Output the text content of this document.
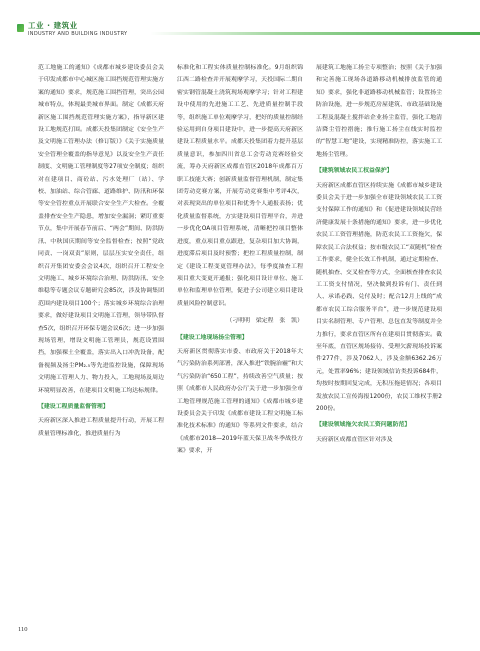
工业 · 建筑业
INDUSTRY AND BUILDING INDUSTRY

范工地施工的通知》《成都市城乡建设委员会关于印发成都市中心城区施工围挡规范管理实施方案的通知》要求，规范施工围挡管理，突出公园城市特点，体现最美城市界面。制定《成都天府新区施工围挡规范管理实施方案》，指导新区建设工地规范打围。成都天投集团制定《安全生产及文明施工管理办法（修订版）》《关于实施质量安全管理全覆盖的指导意见》以及安全生产责任制度、文明施工管理制度等27项安全制度；组织对在建项目、商砼站、污水处理厂（站）、学校、加油站、综合管廊、道路维护、防汛和环保等安全管控重点开展联合安全生产大检查。全覆盖排查安全生产隐患，增加安全漏洞；紧盯重要节点，集中开展春节前后、“两会”期间、防洪防汛、中秋国庆期间等安全监督检查；按照“党政同责、一岗双责”原则，层层压实安全责任，组织召开集团安委会会议4次，组织召开工程安全文明施工、城乡环境综合治理、防洪防汛、安全维稳等专题会议专题研究会85次，涉及协调集团范围内建设项目100个；落实城乡环境综合治理要求，做好建设项目文明施工管理，领导带队督查5次，组织召开环保专题会议6次；进一步加强现场管理，增设文明施工管理员，规范设置围挡，加强裸土全覆盖，落实出入口冲洗设备，配备视频及扬尘PM₂.₅等先进监控设施，保障现场文明施工管理人力、物力投入，工地现场及周边环境明显改善，在建项目文明施工均达标规律。

【建设工程质量监督管理】

天府新区深入推进工程质量提升行动，开展工程质量管理标准化，推进质量行为

标准化和工程实体质量控制标准化。9月组织锦江西二路检查并开展观摩学习，天投国际二期自密实钢管混凝土浇筑现场观摩学习；针对工程建设中使用的先进施工工艺、先进质量控制手段等，组织施工单位观摩学习，把好的质量控制经验运用到自身项目建设中，进一步提高天府新区建设工程质量水平。成都天投集团着力提升基层质量意识，参加四川省总工会劳动竞赛经验交流，筹办天府新区成都直管区2018年成都百万职工技能大赛；创新质量监督管理机制，制定集团劳动竞赛方案，开展劳动竞赛集中考评4次，对表现突出的单位项目和优秀个人通报表扬；优化质量监督系统，方实建设项目管理平台，并进一步优化OA项目管理系统，清晰把控项目整体进度，重点项目重点跟进，复杂项目加大协调，进度滞后项目及时预警；把控工程质量控制，制定《建设工程变更管理办法》，每季度抽查工程项目重大变更开通报；强化项目设计单位、施工单位和监理单位管理，促进子公司建立项目建设质量风险控制意识。

（刁明明　梁定程　张　凯）

【建设工地现场扬尘管理】

天府新区贯彻落实市委、市政府关于2018年大气污染防治系列部署，深入推进“铁腕治霾”和大气污染防治“650工程”，持续改善空气质量；按照《成都市人民政府办公厅关于进一步加强全市工地管理规范施工管理的通知》《成都市城乡建设委员会关于印发《成都市建设工程文明施工标准化技术标准》的通知》等系列文件要求，结合《成都市2018—2019年蓝天保卫战冬季战役方案》要求，开

展建筑工地施工扬尘专项整治；按照《关于加强和完善施工现场各道路移动机械排放监管的通知》要求，强化非道路移动机械监管；设置扬尘防治设施，进一步规范房屋建筑、市政基础设施工程及混凝土搅拌站企业扬尘监管，强化工地清洁降尘管控措施；推行施工扬尘在线实时监控的“智慧工地”建设，实现精准防控，落实施工工地扬尘管理。

【建筑领域农民工权益保护】

天府新区成都直管区持续实施《成都市城乡建设委员会关于进一步加强全市建设领域农民工工资支付保障工作的通知》和《促进建设领域民营经济健康发展十条措施的通知》要求，进一步优化农民工工资管理措施，防范农民工工资拖欠，保障农民工合法权益；按市级农民工“双随机”检查工作要求，健全长效工作机制，通过定期检查、随机抽查、交叉检查等方式，全面核查排查农民工工资支付情况，坚决做到投诉有门、责任到人、承诺必践、兑付及时；配合12月上线的“成都市农民工综合服务平台”，进一步规范建设项目实名制管理、专户管理、总包直发等制度并全力推行，要求直管区所有在建项目贯彻落实。截至年底，直管区规场接待、受理欠薪现场投诉案件277件，涉及7062人，涉及金额6362.26万元，处置率96%；建设领域信访类投诉684件，均按时按期回复完成，无积压拖延情况；各项目发放农民工宣传海报1200份，农民工维权手册2200份。

【建设领域拖欠农民工资问题防范】

天府新区成都直管区针对涉及

110
